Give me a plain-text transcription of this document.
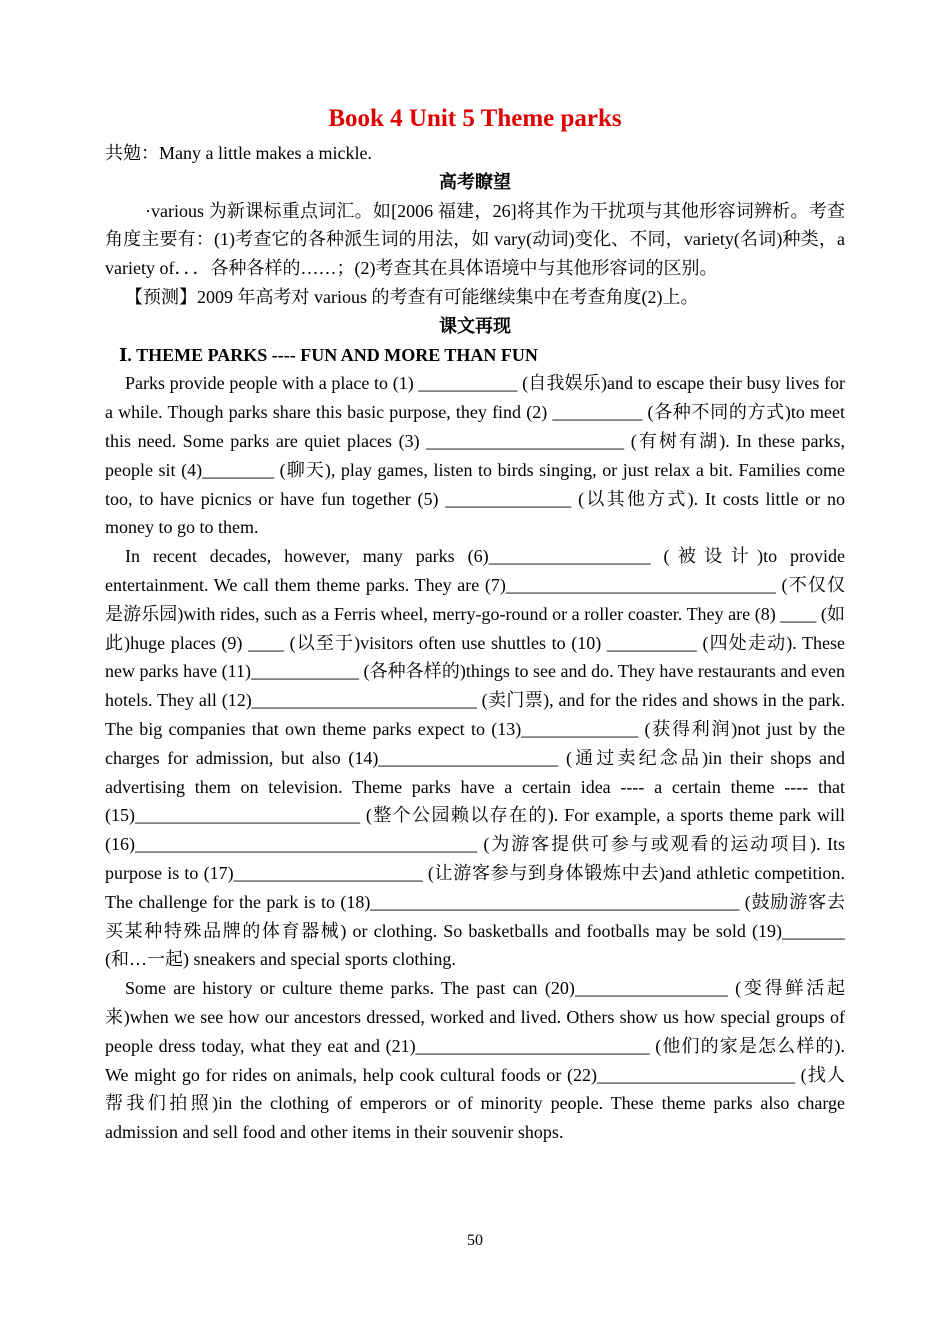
Book 4 Unit 5 Theme parks

共勉：Many a little makes a mickle.

高考瞭望

·various 为新课标重点词汇。如[2006 福建，26]将其作为干扰项与其他形容词辨析。考查角度主要有：(1)考查它的各种派生词的用法，如 vary(动词)变化、不同，variety(名词)种类，a variety of．．．各种各样的……；(2)考查其在具体语境中与其他形容词的区别。

【预测】2009 年高考对 various 的考查有可能继续集中在考查角度(2)上。

课文再现

Ⅰ. THEME PARKS ---- FUN AND MORE THAN FUN

Parks provide people with a place to (1) ___________ (自我娱乐)and to escape their busy lives for a while. Though parks share this basic purpose, they find (2) __________ (各种不同的方式)to meet this need. Some parks are quiet places (3) ______________________ (有树有湖). In these parks, people sit (4)________ (聊天), play games, listen to birds singing, or just relax a bit. Families come too, to have picnics or have fun together (5) ______________ (以其他方式). It costs little or no money to go to them.

In recent decades, however, many parks (6)__________________ (被设计)to provide entertainment. We call them theme parks. They are (7)______________________________ (不仅仅是游乐园)with rides, such as a Ferris wheel, merry-go-round or a roller coaster. They are (8) ____ (如此)huge places (9) ____ (以至于)visitors often use shuttles to (10) __________ (四处走动). These new parks have (11)____________ (各种各样的)things to see and do. They have restaurants and even hotels. They all (12)_________________________ (卖门票), and for the rides and shows in the park. The big companies that own theme parks expect to (13)_____________ (获得利润)not just by the charges for admission, but also (14)____________________ (通过卖纪念品)in their shops and advertising them on television. Theme parks have a certain idea ---- a certain theme ---- that (15)_________________________ (整个公园赖以存在的). For example, a sports theme park will (16)______________________________________ (为游客提供可参与或观看的运动项目). Its purpose is to (17)_____________________ (让游客参与到身体锻炼中去)and athletic competition. The challenge for the park is to (18)_________________________________________ (鼓励游客去买某种特殊品牌的体育器械) or clothing. So basketballs and footballs may be sold (19)_______ (和…一起) sneakers and special sports clothing.

Some are history or culture theme parks. The past can (20)_________________ (变得鲜活起来)when we see how our ancestors dressed, worked and lived. Others show us how special groups of people dress today, what they eat and (21)__________________________ (他们的家是怎么样的). We might go for rides on animals, help cook cultural foods or (22)______________________ (找人帮我们拍照)in the clothing of emperors or of minority people. These theme parks also charge admission and sell food and other items in their souvenir shops.

50
